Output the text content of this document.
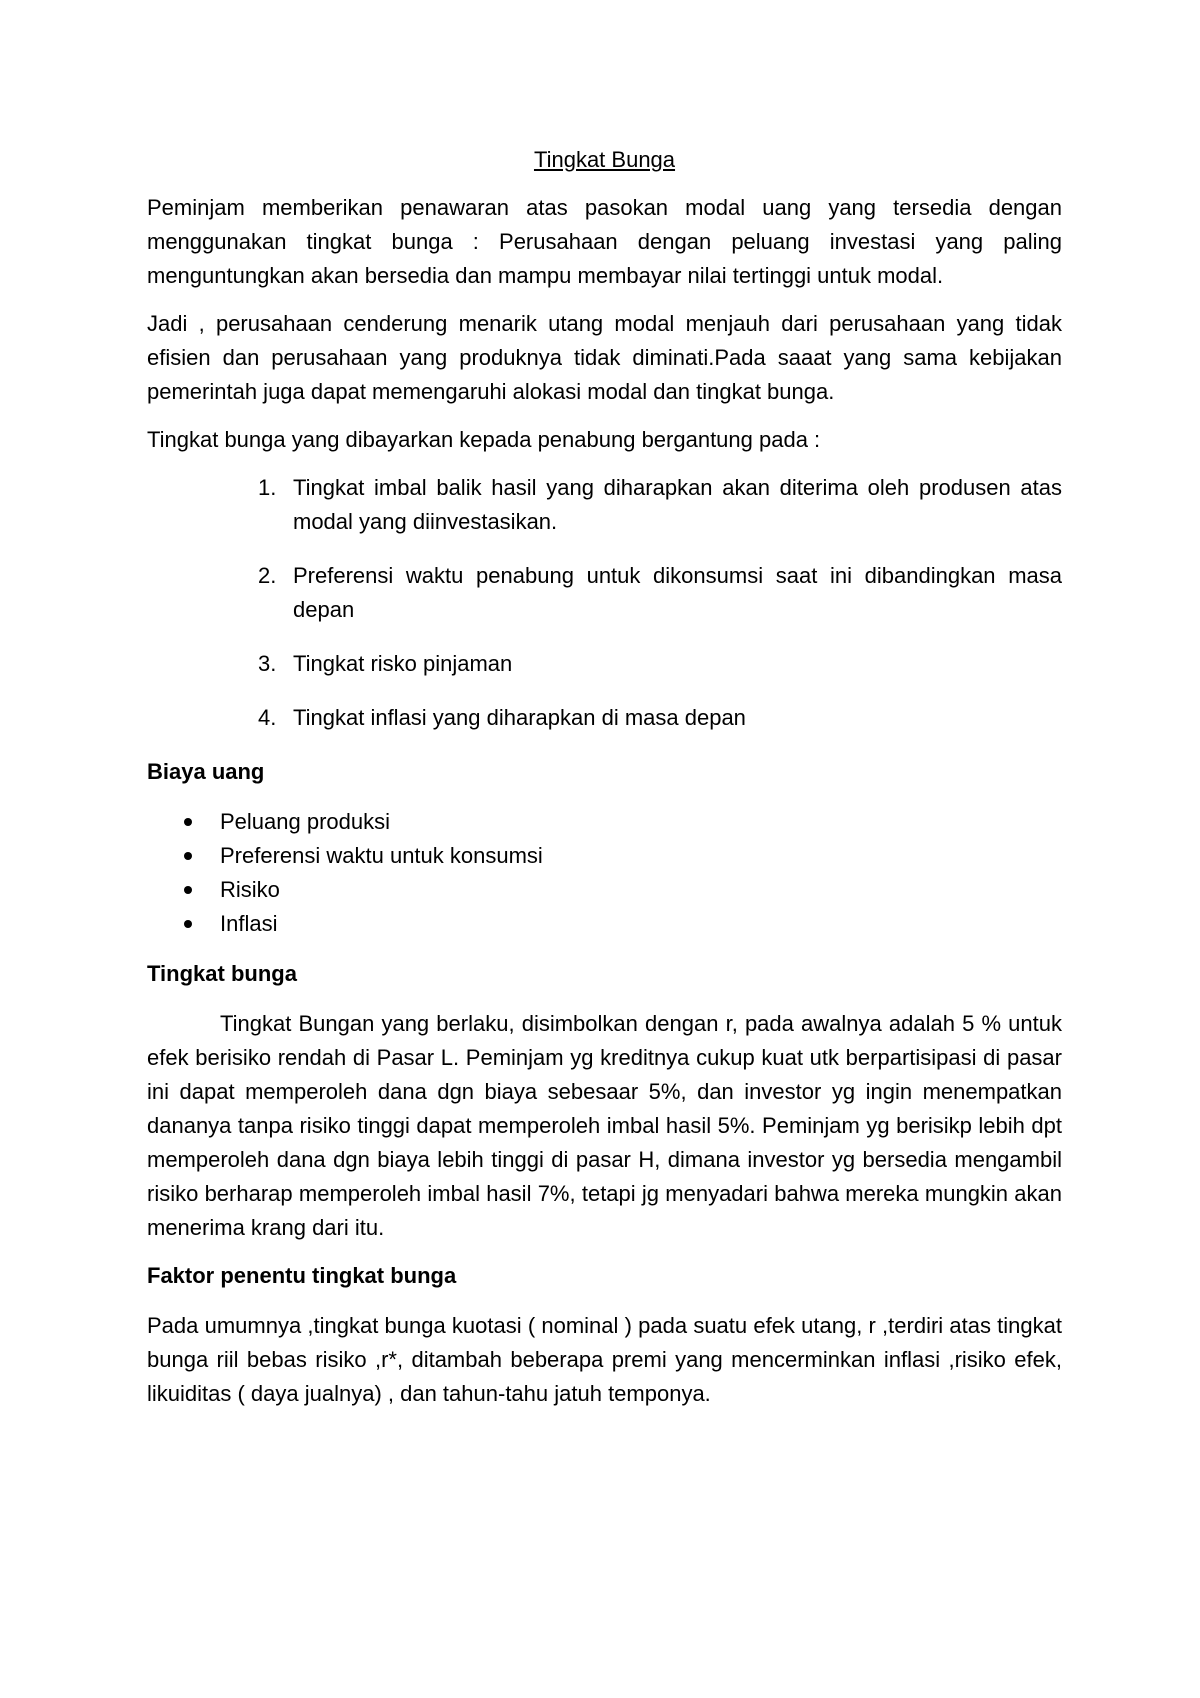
Tingkat Bunga

Peminjam memberikan penawaran atas pasokan modal uang yang tersedia dengan menggunakan tingkat bunga : Perusahaan dengan peluang investasi yang paling menguntungkan akan bersedia dan mampu membayar nilai tertinggi untuk modal.

Jadi , perusahaan cenderung menarik utang modal menjauh dari perusahaan yang tidak efisien dan perusahaan yang produknya tidak diminati.Pada saaat yang sama kebijakan pemerintah juga dapat memengaruhi alokasi modal dan tingkat bunga.

Tingkat bunga yang dibayarkan kepada penabung bergantung pada :

1. Tingkat imbal balik hasil yang diharapkan akan diterima oleh produsen atas modal yang diinvestasikan.
2. Preferensi waktu penabung untuk dikonsumsi saat ini dibandingkan masa depan
3. Tingkat risko pinjaman
4. Tingkat inflasi yang diharapkan di masa depan
Biaya uang
Peluang produksi
Preferensi waktu untuk konsumsi
Risiko
Inflasi
Tingkat bunga

Tingkat Bungan yang berlaku, disimbolkan dengan r, pada awalnya adalah 5 % untuk efek berisiko rendah di Pasar L. Peminjam yg kreditnya cukup kuat utk berpartisipasi di pasar ini dapat memperoleh dana dgn biaya sebesaar 5%, dan investor yg ingin menempatkan dananya tanpa risiko tinggi dapat memperoleh imbal hasil 5%. Peminjam yg berisikp lebih dpt memperoleh dana dgn biaya lebih tinggi di pasar H, dimana investor yg bersedia mengambil risiko berharap memperoleh imbal hasil 7%, tetapi jg menyadari bahwa mereka mungkin akan menerima krang dari itu.

Faktor penentu tingkat bunga

Pada umumnya ,tingkat bunga kuotasi ( nominal ) pada suatu efek utang, r ,terdiri atas tingkat bunga riil bebas risiko ,r*, ditambah beberapa premi yang mencerminkan inflasi ,risiko efek, likuiditas ( daya jualnya) , dan tahun-tahu jatuh temponya.
